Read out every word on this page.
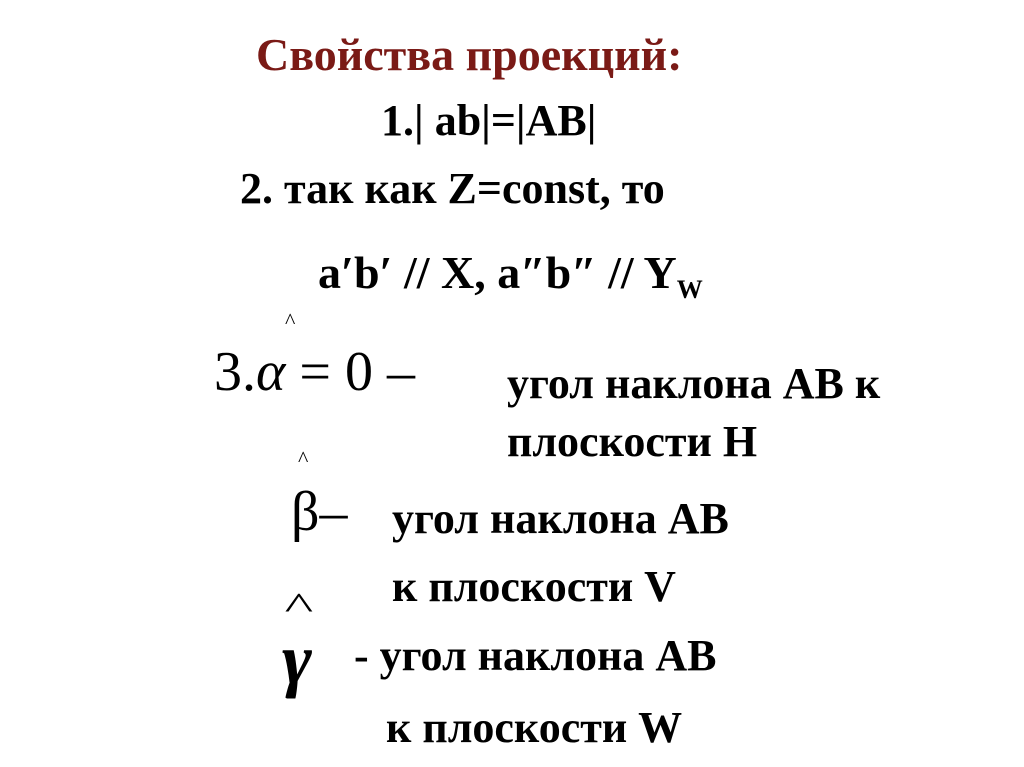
Свойства проекций:
1.| ab|=|AB|
2. так как Z=const, то
a′b′ // X, $a''b'' // Y_W$
^
3.α = 0 – угол наклона АВ к
плоскости Н
^
β– угол наклона АВ
к плоскости V
^
γ - угол наклона АВ
к плоскости W
